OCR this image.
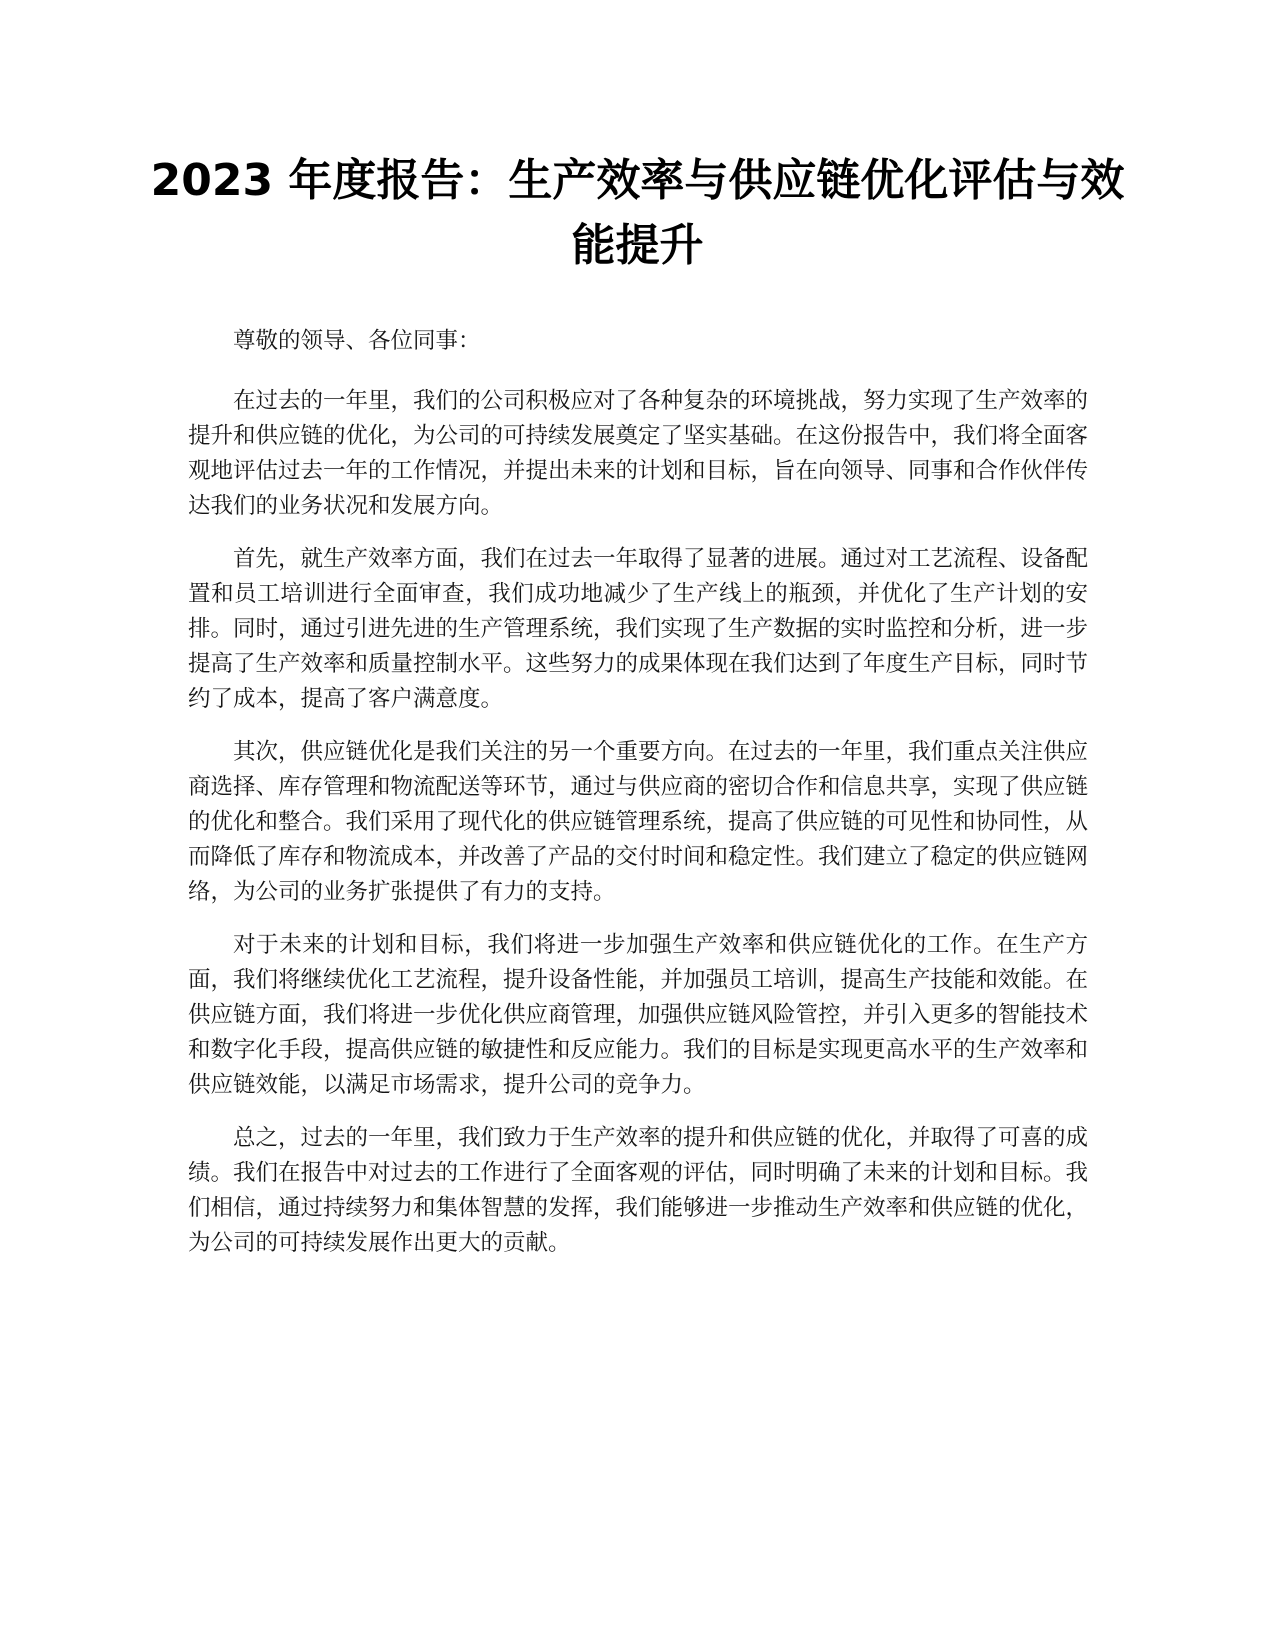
2023 年度报告：生产效率与供应链优化评估与效能提升

尊敬的领导、各位同事：

在过去的一年里，我们的公司积极应对了各种复杂的环境挑战，努力实现了生产效率的提升和供应链的优化，为公司的可持续发展奠定了坚实基础。在这份报告中，我们将全面客观地评估过去一年的工作情况，并提出未来的计划和目标，旨在向领导、同事和合作伙伴传达我们的业务状况和发展方向。

首先，就生产效率方面，我们在过去一年取得了显著的进展。通过对工艺流程、设备配置和员工培训进行全面审查，我们成功地减少了生产线上的瓶颈，并优化了生产计划的安排。同时，通过引进先进的生产管理系统，我们实现了生产数据的实时监控和分析，进一步提高了生产效率和质量控制水平。这些努力的成果体现在我们达到了年度生产目标，同时节约了成本，提高了客户满意度。

其次，供应链优化是我们关注的另一个重要方向。在过去的一年里，我们重点关注供应商选择、库存管理和物流配送等环节，通过与供应商的密切合作和信息共享，实现了供应链的优化和整合。我们采用了现代化的供应链管理系统，提高了供应链的可见性和协同性，从而降低了库存和物流成本，并改善了产品的交付时间和稳定性。我们建立了稳定的供应链网络，为公司的业务扩张提供了有力的支持。

对于未来的计划和目标，我们将进一步加强生产效率和供应链优化的工作。在生产方面，我们将继续优化工艺流程，提升设备性能，并加强员工培训，提高生产技能和效能。在供应链方面，我们将进一步优化供应商管理，加强供应链风险管控，并引入更多的智能技术和数字化手段，提高供应链的敏捷性和反应能力。我们的目标是实现更高水平的生产效率和供应链效能，以满足市场需求，提升公司的竞争力。

总之，过去的一年里，我们致力于生产效率的提升和供应链的优化，并取得了可喜的成绩。我们在报告中对过去的工作进行了全面客观的评估，同时明确了未来的计划和目标。我们相信，通过持续努力和集体智慧的发挥，我们能够进一步推动生产效率和供应链的优化，为公司的可持续发展作出更大的贡献。
